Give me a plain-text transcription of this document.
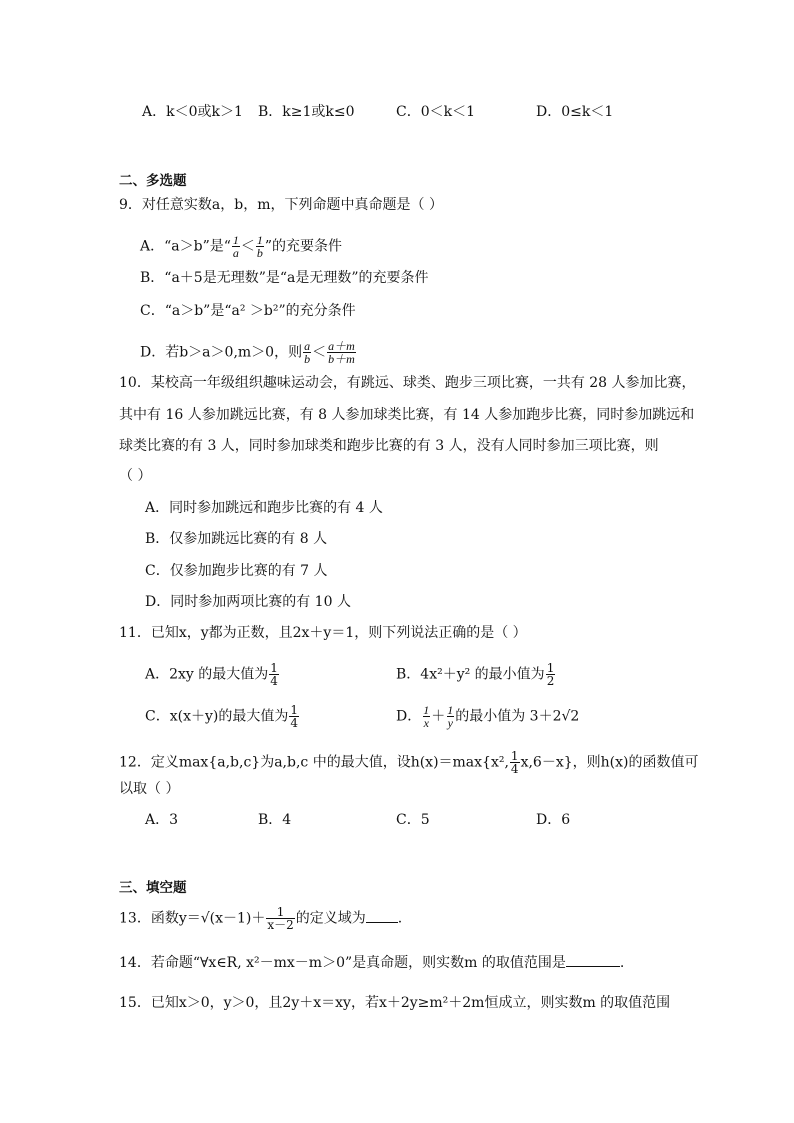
A．k＜0或k＞1 B．k≥1或k≤0	C．0＜k＜1	D．0≤k＜1
二、多选题
9．对任意实数a，b，m，下列命题中真命题是（ ）
A．“a＞b”是“ $\frac{1}{a} < \frac{1}{b}$ ”的充要条件
B．“a＋5是无理数”是“a是无理数”的充要条件
C．“a＞b”是“a² ＞b²”的充分条件
D．若b＞a＞0,m＞0，则 $\frac{a}{b} < \frac{a+m}{b+m}$
10．某校高一年级组织趣味运动会，有跳远、球类、跑步三项比赛，一共有 28 人参加比赛，
其中有 16 人参加跳远比赛，有 8 人参加球类比赛，有 14 人参加跑步比赛，同时参加跳远和
球类比赛的有 3 人，同时参加球类和跑步比赛的有 3 人，没有人同时参加三项比赛，则
（ ）
A．同时参加跳远和跑步比赛的有 4 人
B．仅参加跳远比赛的有 8 人
C．仅参加跑步比赛的有 7 人
D．同时参加两项比赛的有 10 人
11．已知x，y都为正数，且2x＋y＝1，则下列说法正确的是（ ）
A．2xy 的最大值为 $\frac{1}{4}$	B．4x²＋y² 的最小值为 $\frac{1}{2}$
C．x(x＋y)的最大值为 $\frac{1}{4}$	D． $\frac{1}{x} + \frac{1}{y}$ 的最小值为 3＋2√2
12．定义max{a,b,c}为a,b,c 中的最大值，设h(x)＝max{x², $\frac{1}{4} x,6-x$}，则h(x)的函数值可
以取（ ）
A．3	B．4	C．5	D．6
三、填空题
13．函数$y=√(x-1)+ \frac{1}{x-2}$ 的定义域为 .
14．若命题“∀x∈R, x²－mx－m＞0”是真命题，则实数m 的取值范围是	.
15．已知x＞0，y＞0，且2y＋x＝xy，若x＋2y≥m²＋2m恒成立，则实数m 的取值范围
